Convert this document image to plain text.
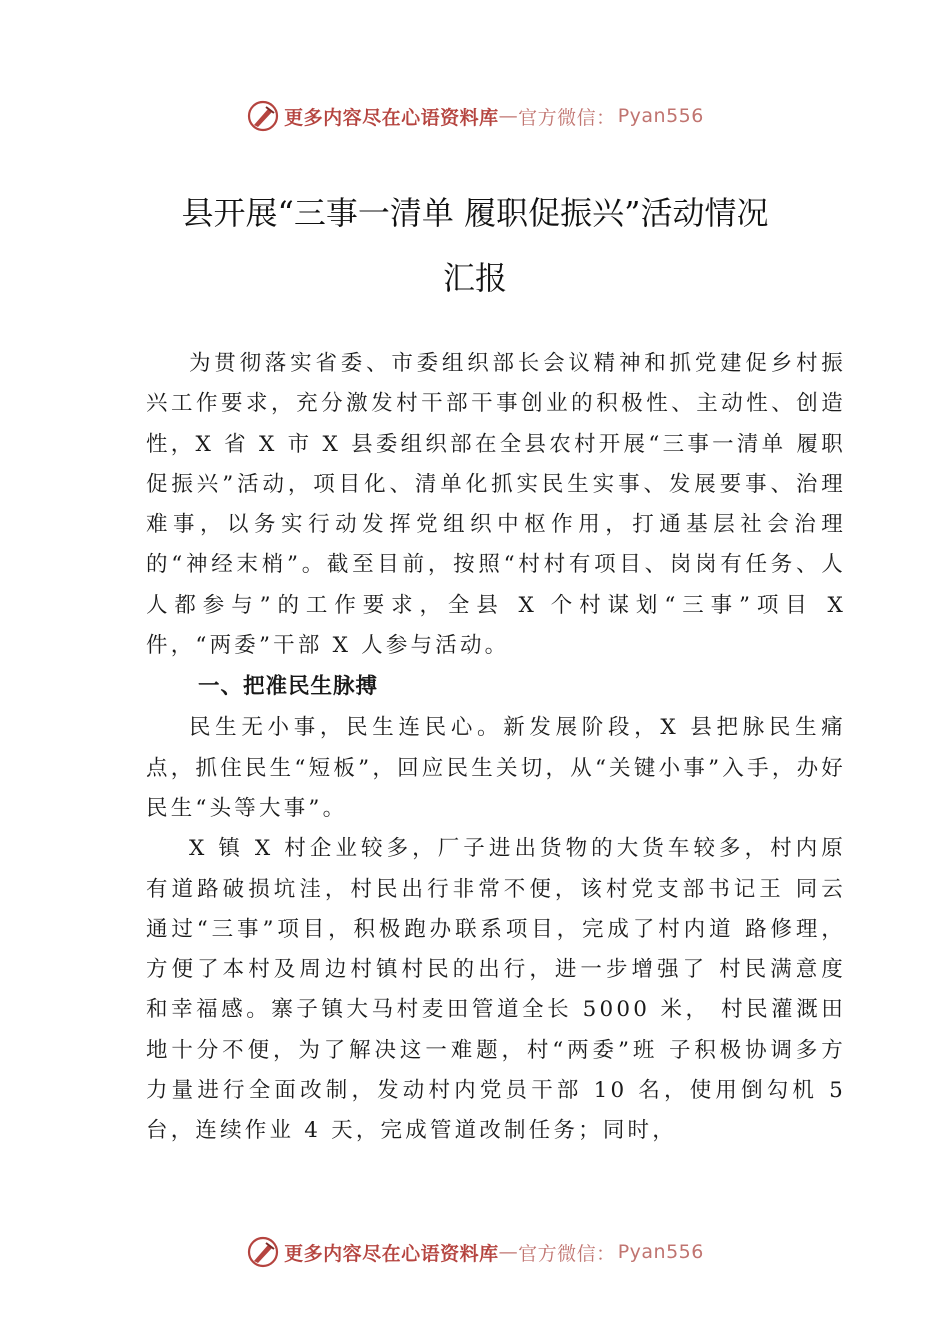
更多内容尽在心语资料库 — 官方微信： Pyan556
县开展“三事一清单 履职促振兴”活动情况
汇报

为贯彻落实省委、市委组织部长会议精神和抓党建促乡村振兴工作要求，充分激发村干部干事创业的积极性、主动性、创造性，X 省 X 市 X 县委组织部在全县农村开展“三事一清单 履职促振兴”活动，项目化、清单化抓实民生实事、发展要事、治理难事，以务实行动发挥党组织中枢作用，打通基层社会治理的“神经末梢”。截至目前，按照“村村有项目、岗岗有任务、人人都参与”的工作要求，全县 X 个村谋划“三事”项目 X 件，“两委”干部 X 人参与活动。

一、把准民生脉搏

民生无小事，民生连民心。新发展阶段，X 县把脉民生痛点，抓住民生“短板”，回应民生关切，从“关键小事”入手，办好民生“头等大事”。

X 镇 X 村企业较多，厂子进出货物的大货车较多，村内原有道路破损坑洼，村民出行非常不便，该村党支部书记王 同云通过“三事”项目，积极跑办联系项目，完成了村内道 路修理，方便了本村及周边村镇村民的出行，进一步增强了 村民满意度和幸福感。寨子镇大马村麦田管道全长 5000 米， 村民灌溉田地十分不便，为了解决这一难题，村“两委”班 子积极协调多方力量进行全面改制，发动村内党员干部 10 名，使用倒勾机 5 台，连续作业 4 天，完成管道改制任务；同时，

更多内容尽在心语资料库 — 官方微信： Pyan556
